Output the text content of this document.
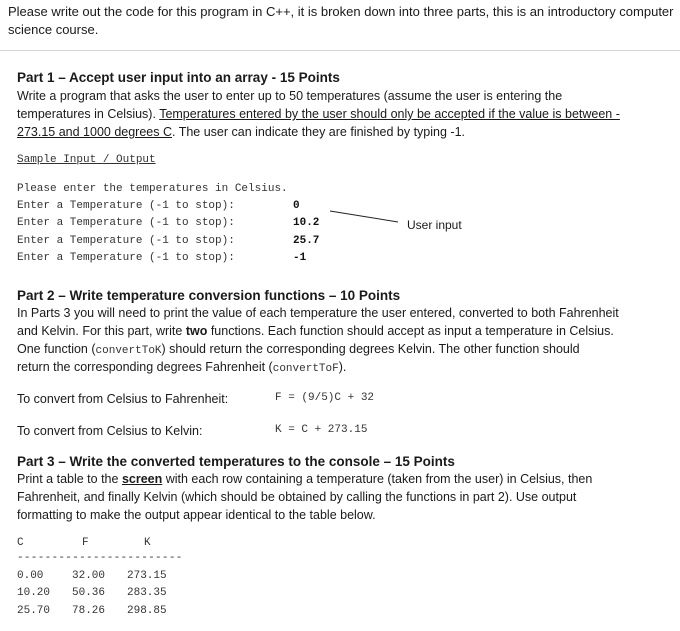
Please write out the code for this program in C++, it is broken down into three parts, this is an introductory computer science course.
Part 1 – Accept user input into an array - 15 Points
Write a program that asks the user to enter up to 50 temperatures (assume the user is entering the
temperatures in Celsius). Temperatures entered by the user should only be accepted if the value is between -
273.15 and 1000 degrees C. The user can indicate they are finished by typing -1.
Sample Input / Output
Please enter the temperatures in Celsius.
Enter a Temperature (-1 to stop):	0
Enter a Temperature (-1 to stop):	10.2
Enter a Temperature (-1 to stop):	25.7
Enter a Temperature (-1 to stop):	-1
User input
Part 2 – Write temperature conversion functions – 10 Points
In Parts 3 you will need to print the value of each temperature the user entered, converted to both Fahrenheit
and Kelvin. For this part, write two functions. Each function should accept as input a temperature in Celsius.
One function (convertToK) should return the corresponding degrees Kelvin. The other function should
return the corresponding degrees Fahrenheit (convertToF).
To convert from Celsius to Fahrenheit:	F = (9/5)C + 32
To convert from Celsius to Kelvin:	K = C + 273.15
Part 3 – Write the converted temperatures to the console – 15 Points
Print a table to the screen with each row containing a temperature (taken from the user) in Celsius, then
Fahrenheit, and finally Kelvin (which should be obtained by calling the functions in part 2). Use output
formatting to make the output appear identical to the table below.
C	F	K
------------------------
0.00	32.00 273.15
10.20 50.36 283.35
25.70 78.26 298.85
